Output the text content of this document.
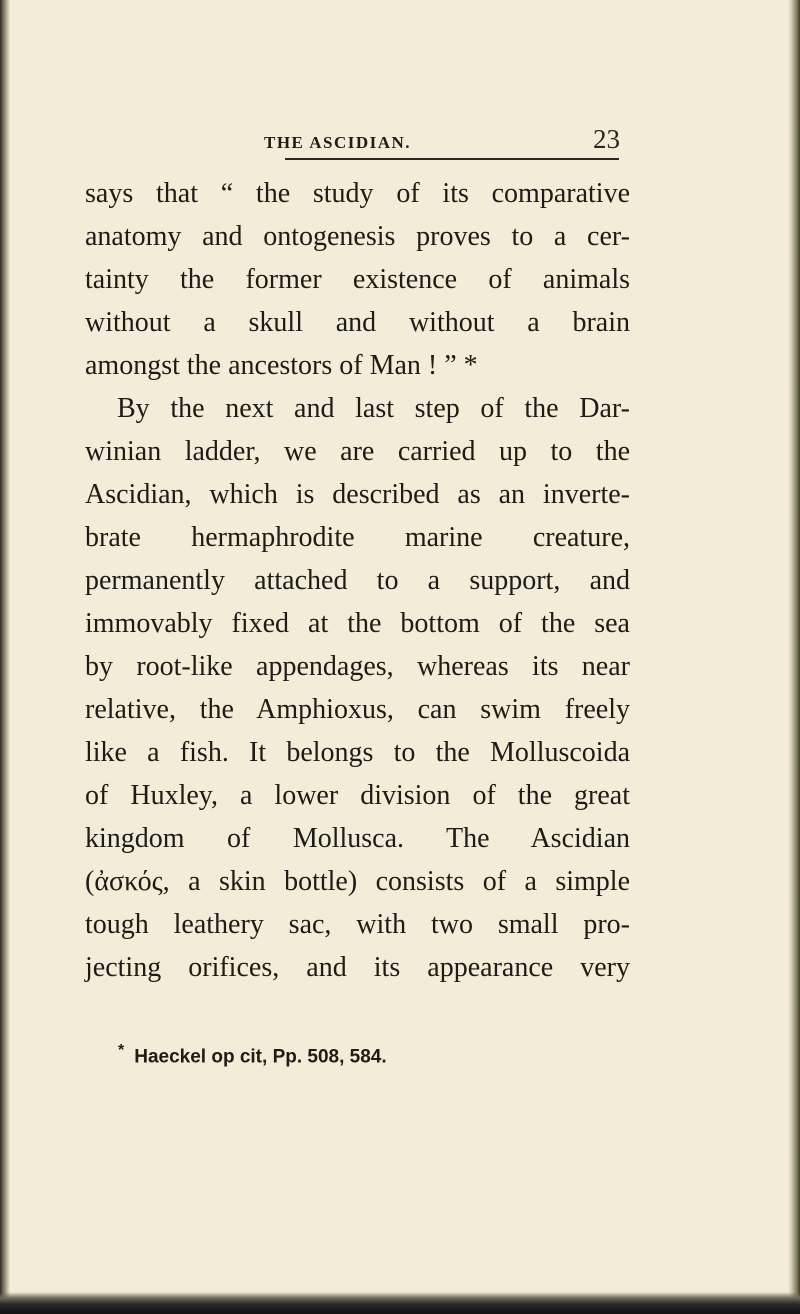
THE ASCIDIAN.	23
says that “ the study of its comparative
anatomy and ontogenesis proves to a cer-
tainty the former existence of animals
without a skull and without a brain
amongst the ancestors of Man ! ” *
By the next and last step of the Dar-
winian ladder, we are carried up to the
Ascidian, which is described as an inverte-
brate hermaphrodite marine creature,
permanently attached to a support, and
immovably fixed at the bottom of the sea
by root-like appendages, whereas its near
relative, the Amphioxus, can swim freely
like a fish. It belongs to the Molluscoida
of Huxley, a lower division of the great
kingdom of Mollusca. The Ascidian
(ἀσκός, a skin bottle) consists of a simple
tough leathery sac, with two small pro-
jecting orifices, and its appearance very
* Haeckel op cit, Pp. 508, 584.
